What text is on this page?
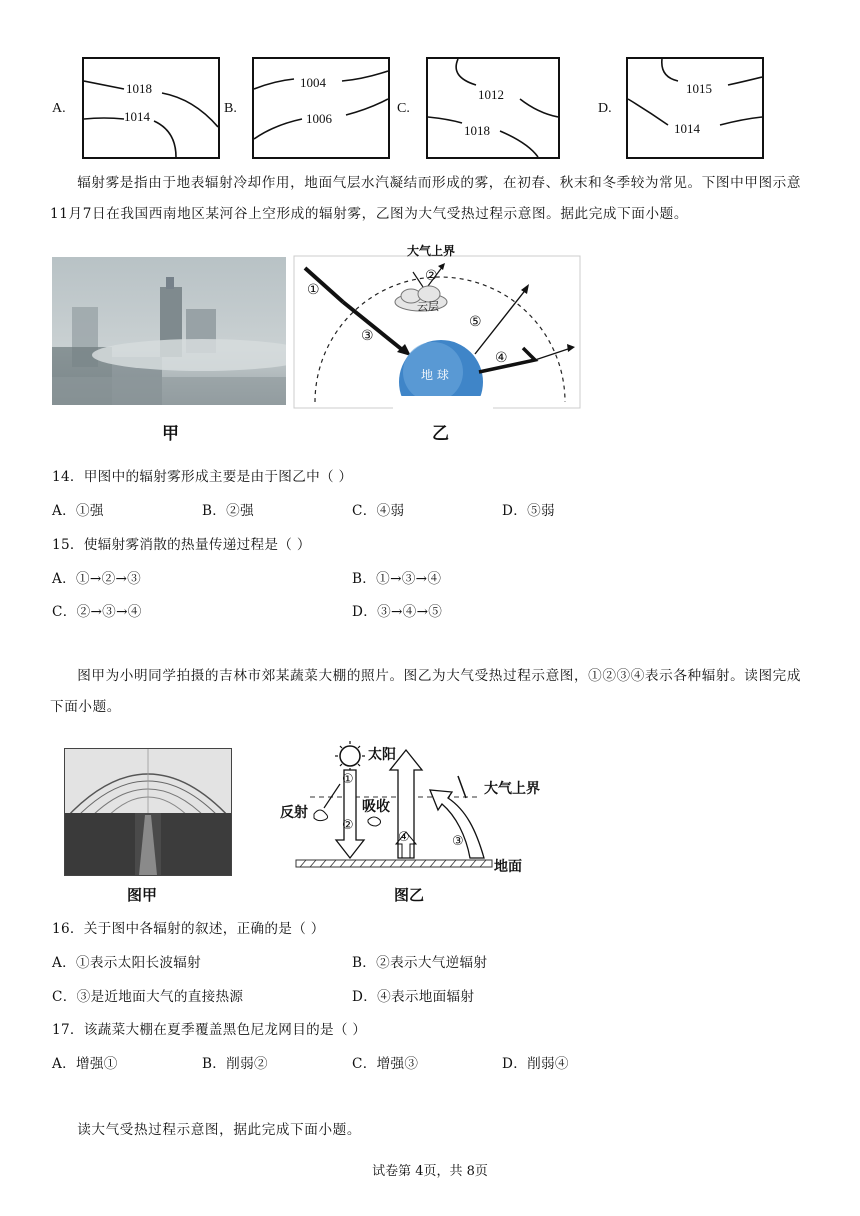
A.
1018
1014
B.
1004
1006
C.
1012
1018
D.
1015
1014
辐射雾是指由于地表辐射冷却作用，地面气层水汽凝结而形成的雾，在初春、秋末和冬季较为常见。下图中甲图示意11月7日在我国西南地区某河谷上空形成的辐射雾，乙图为大气受热过程示意图。据此完成下面小题。
甲
大气上界
云层
地 球
①
②
③
⑤
④
乙
14．甲图中的辐射雾形成主要是由于图乙中（ ）
A．①强	B．②强	C．④弱	D．⑤弱
15．使辐射雾消散的热量传递过程是（ ）
A．①→②→③	B．①→③→④
C．②→③→④	D．③→④→⑤
图甲为小明同学拍摄的吉林市郊某蔬菜大棚的照片。图乙为大气受热过程示意图，①②③④表示各种辐射。读图完成下面小题。
图甲
太阳
反射	吸收
大气上界
地面
①
②
④	③
图乙
16．关于图中各辐射的叙述，正确的是（ ）
A．①表示太阳长波辐射	B．②表示大气逆辐射
C．③是近地面大气的直接热源	D．④表示地面辐射
17．该蔬菜大棚在夏季覆盖黑色尼龙网目的是（ ）
A．增强①	B．削弱②	C．增强③	D．削弱④
读大气受热过程示意图，据此完成下面小题。
试卷第 4页，共 8页
